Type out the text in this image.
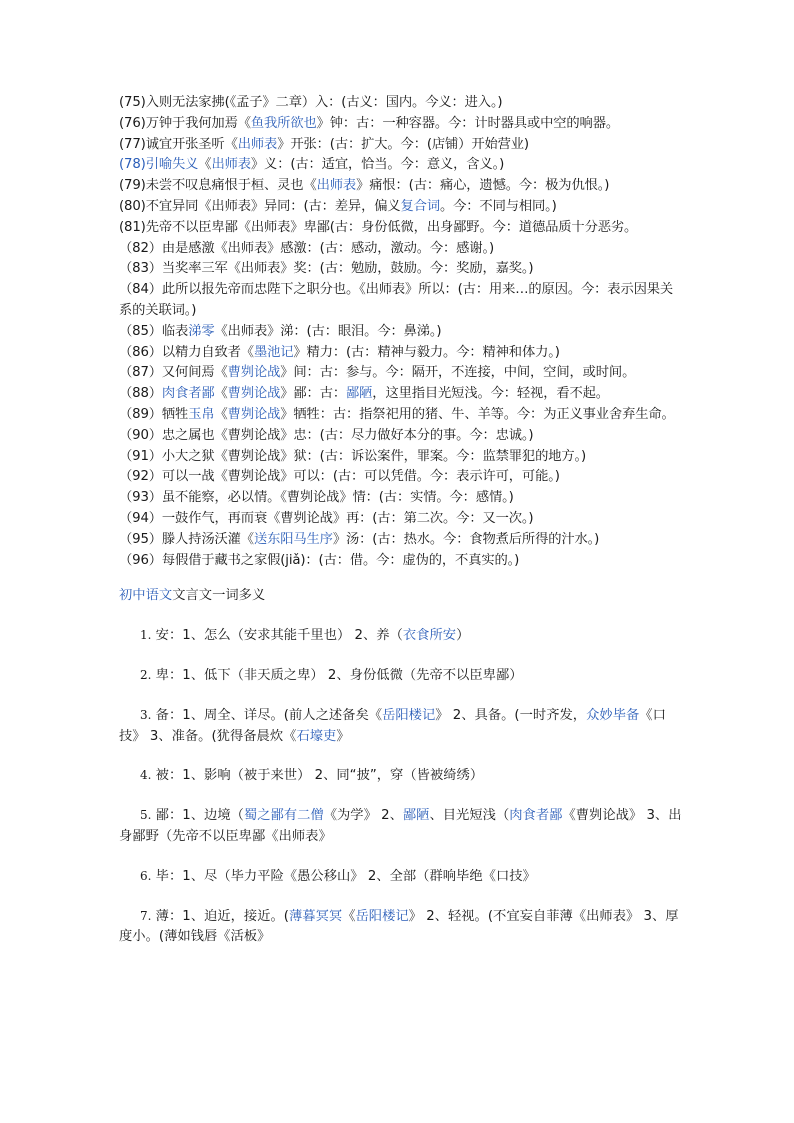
(75)入则无法家拂(《孟子》二章）入：(古义：国内。今义：进入。)
(76)万钟于我何加焉《鱼我所欲也》钟：古：一种容器。今：计时器具或中空的响器。
(77)诚宜开张圣听《出师表》开张：(古：扩大。今：(店铺）开始营业)
(78)引喻失义《出师表》义：(古：适宜，恰当。今：意义，含义。)
(79)未尝不叹息痛恨于桓、灵也《出师表》痛恨：(古：痛心，遗憾。今：极为仇恨。)
(80)不宜异同《出师表》异同：(古：差异，偏义复合词。今：不同与相同。)
(81)先帝不以臣卑鄙《出师表》卑鄙(古：身份低微，出身鄙野。今：道德品质十分恶劣。
（82）由是感激《出师表》感激：(古：感动，激动。今：感谢。)
（83）当奖率三军《出师表》奖：(古：勉励，鼓励。今：奖励，嘉奖。)
（84）此所以报先帝而忠陛下之职分也。《出师表》所以：(古：用来…的原因。今：表示因果关系的关联词。)
（85）临表涕零《出师表》涕：(古：眼泪。今：鼻涕。)
（86）以精力自致者《墨池记》精力：(古：精神与毅力。今：精神和体力。)
（87）又何间焉《曹刿论战》间：古：参与。今：隔开，不连接，中间，空间，或时间。
（88）肉食者鄙《曹刿论战》鄙：古：鄙陋，这里指目光短浅。今：轻视，看不起。
（89）牺牲玉帛《曹刿论战》牺牲：古：指祭祀用的猪、牛、羊等。今：为正义事业舍弃生命。
（90）忠之属也《曹刿论战》忠：(古：尽力做好本分的事。今：忠诚。)
（91）小大之狱《曹刿论战》狱：(古：诉讼案件，罪案。今：监禁罪犯的地方。)
（92）可以一战《曹刿论战》可以：(古：可以凭借。今：表示许可，可能。)
（93）虽不能察，必以情。《曹刿论战》情：(古：实情。今：感情。)
（94）一鼓作气，再而衰《曹刿论战》再：(古：第二次。今：又一次。)
（95）滕人持汤沃灌《送东阳马生序》汤：(古：热水。今：食物煮后所得的汁水。)
（96）每假借于藏书之家假(jiǎ)：(古：借。今：虚伪的，不真实的。)
初中语文文言文一词多义
1. 安：1、怎么（安求其能千里也） 2、养（衣食所安）
2. 卑：1、低下（非天质之卑） 2、身份低微（先帝不以臣卑鄙）
3. 备：1、周全、详尽。(前人之述备矣《岳阳楼记》 2、具备。(一时齐发，众妙毕备《口技》 3、准备。(犹得备晨炊《石壕吏》
4. 被：1、影响（被于来世） 2、同“披”，穿（皆被绮绣）
5. 鄙：1、边境（蜀之鄙有二僧《为学》 2、鄙陋、目光短浅（肉食者鄙《曹刿论战》 3、出身鄙野（先帝不以臣卑鄙《出师表》
6. 毕：1、尽（毕力平险《愚公移山》 2、全部（群响毕绝《口技》
7. 薄：1、迫近，接近。(薄暮冥冥《岳阳楼记》 2、轻视。(不宜妄自菲薄《出师表》 3、厚度小。(薄如钱唇《活板》
